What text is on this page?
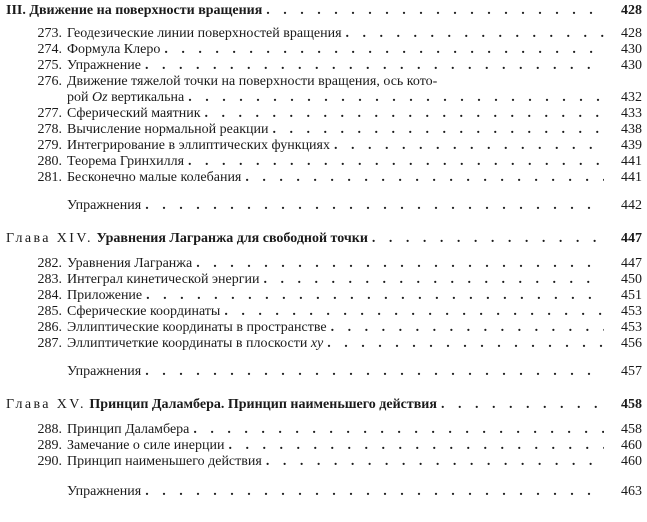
III. Движение на поверхности вращения . . .	428
273. Геодезические линии поверхностей вращения . . .	428
274. Формула Клеро . . .	430
275. Упражнение . . .	430
276. Движение тяжелой точки на поверхности вращения, ось кото-
рой Oz вертикальна . . .	432
277. Сферический маятник . . .	433
278. Вычисление нормальной реакции . . .	438
279. Интегрирование в эллиптических функциях . . .	439
280. Теорема Гринхилля . . .	441
281. Бесконечно малые колебания . . .	441
Упражнения . . .	442
Глава XIV. Уравнения Лагранжа для свободной точки . . .	447
282. Уравнения Лагранжа . . .	447
283. Интеграл кинетической энергии . . .	450
284. Приложение . . .	451
285. Сферические координаты . . .	453
286. Эллиптические координаты в пространстве . . .	453
287. Эллиптичеткие координаты в плоскости xy . . .	456
Упражнения . . .	457
Глава XV. Принцип Даламбера. Принцип наименьшего действия . . .	458
288. Принцип Даламбера . . .	458
289. Замечание о силе инерции . . .	460
290. Принцип наименьшего действия . . .	460
Упражнения . . .	463
